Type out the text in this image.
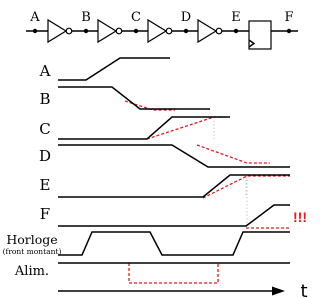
A	B	C	D	E	F
A
B
C
D
E
F
Horloge
(front montant)
Alim.
!!!
t
